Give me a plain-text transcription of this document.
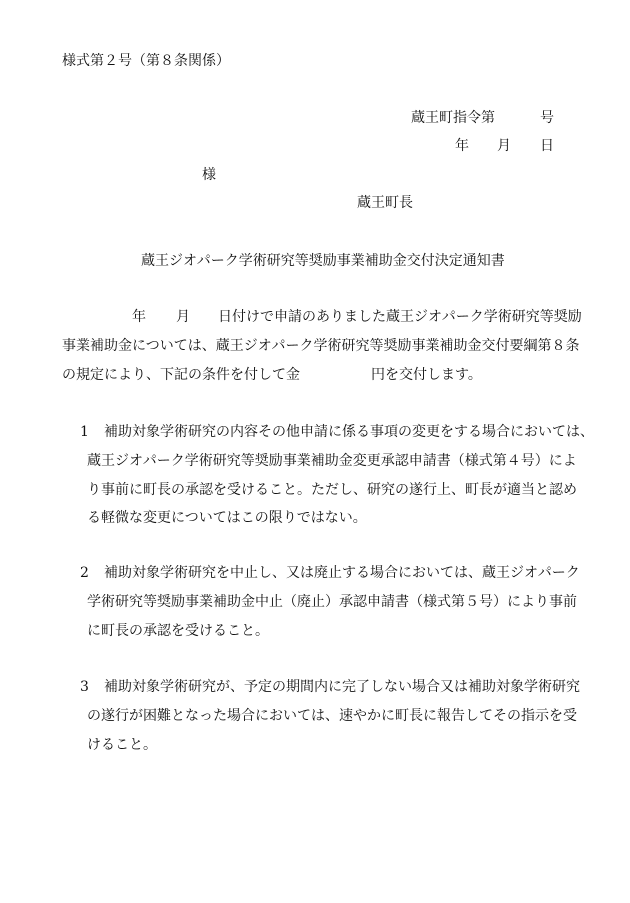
様式第２号（第８条関係）
蔵王町指令第	号
年 月 日
様
蔵王町長
蔵王ジオパーク学術研究等奨励事業補助金交付決定通知書
年 月 日付けで申請のありました蔵王ジオパーク学術研究等奨励
事業補助金については、蔵王ジオパーク学術研究等奨励事業補助金交付要綱第８条
の規定により、下記の条件を付して金	円を交付します。
1 補助対象学術研究の内容その他申請に係る事項の変更をする場合においては、
蔵王ジオパーク学術研究等奨励事業補助金変更承認申請書（様式第４号）によ
り事前に町長の承認を受けること。ただし、研究の遂行上、町長が適当と認め
る軽微な変更についてはこの限りではない。
2 補助対象学術研究を中止し、又は廃止する場合においては、蔵王ジオパーク
学術研究等奨励事業補助金中止（廃止）承認申請書（様式第５号）により事前
に町長の承認を受けること。
3 補助対象学術研究が、予定の期間内に完了しない場合又は補助対象学術研究
の遂行が困難となった場合においては、速やかに町長に報告してその指示を受
けること。
